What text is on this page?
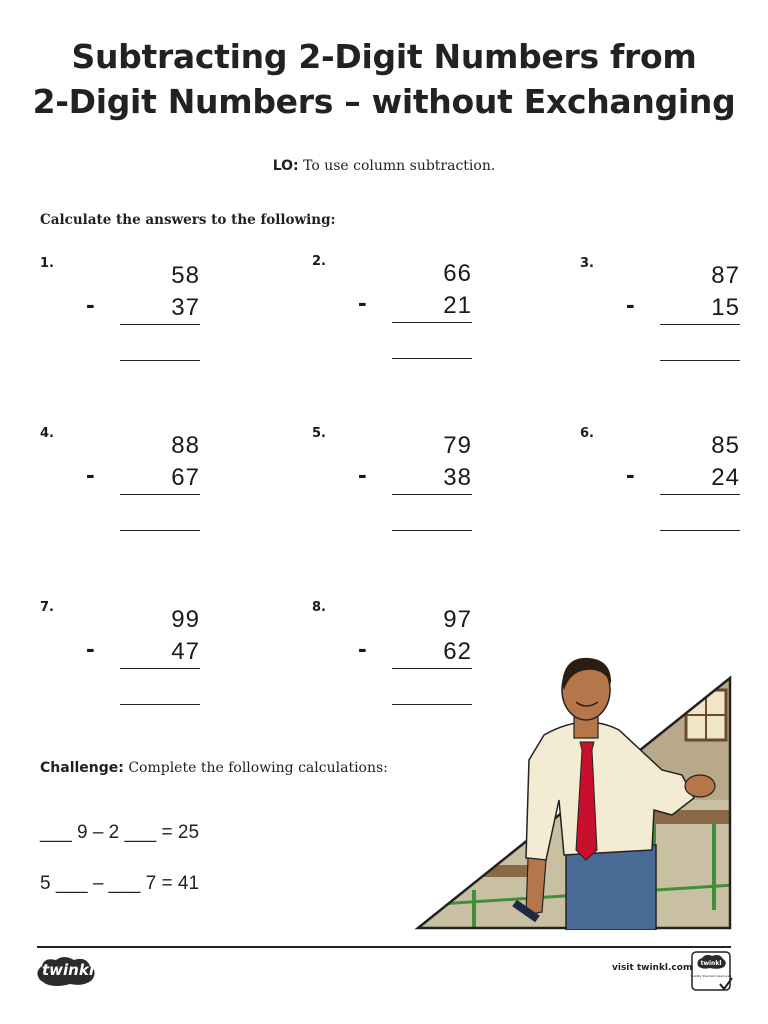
Subtracting 2-Digit Numbers from
2-Digit Numbers – without Exchanging
LO: To use column subtraction.
Calculate the answers to the following:
1.	58
-	37
2.	66
-	21
3.	87
-	15
4.	88
-	67
5.	79
-	38
6.	85
-	24
7.	99
-	47
8.	97
-	62
Challenge: Complete the following calculations:
___ 9 – 2 ___ = 25
5 ___ – ___ 7 = 41
twinkl	visit twinkl.com twinkl
Quality Standard Approved
